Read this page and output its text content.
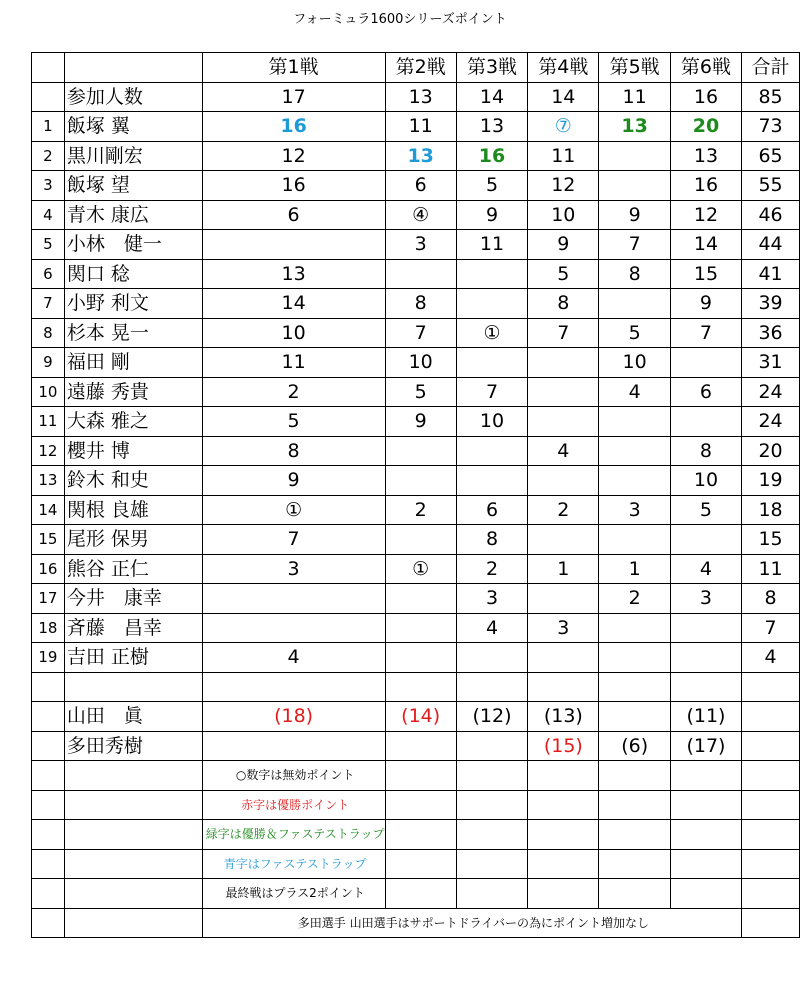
フォーミュラ1600シリーズポイント
		第1戦	第2戦	第3戦	第4戦	第5戦	第6戦	合計
	参加人数	17	13	14	14	11	16	85
1	飯塚 翼	16	11	13	⑦	13	20	73
2	黒川剛宏	12	13	16	11		13	65
3	飯塚 望	16	6	5	12		16	55
4	青木 康広	6	④	9	10	9	12	46
5	小林　健一		3	11	9	7	14	44
6	関口 稔	13			5	8	15	41
7	小野 利文	14	8		8		9	39
8	杉本 晃一	10	7	①	7	5	7	36
9	福田 剛	11	10			10		31
10	遠藤 秀貴	2	5	7		4	6	24
11	大森 雅之	5	9	10				24
12	櫻井 博	8			4		8	20
13	鈴木 和史	9					10	19
14	関根 良雄	①	2	6	2	3	5	18
15	尾形 保男	7		8				15
16	熊谷 正仁	3	①	2	1	1	4	11
17	今井　康幸			3		2	3	8
18	斉藤　昌幸			4	3			7
19	吉田 正樹	4						4

	山田　眞	(18)	(14)	(12)	(13)		(11)	
	多田秀樹				(15)	(6)	(17)	
		○数字は無効ポイント						
		赤字は優勝ポイント						
		緑字は優勝＆ファステストラップ						
		青字はファステストラップ						
		最終戦はプラス2ポイント						
		多田選手 山田選手はサポートドライバーの為にポイント増加なし						
